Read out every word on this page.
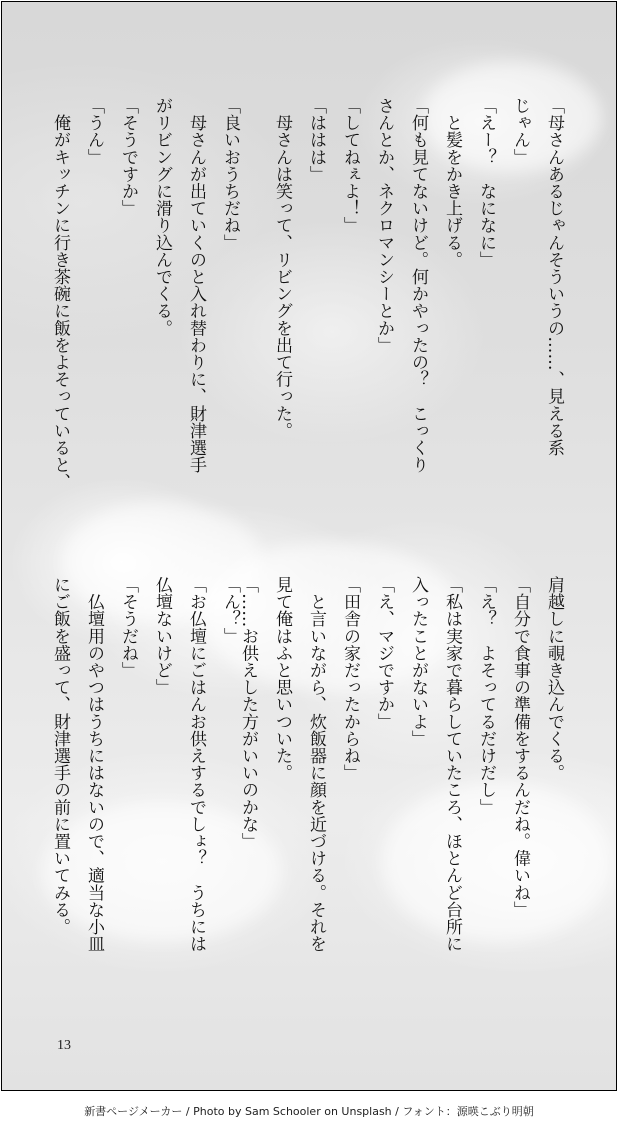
「母さんあるじゃんそういうの……、見える系
じゃん」
「えー？　なになに」
　と髪をかき上げる。
「何も見てないけど。何かやったの？　こっくり
さんとか、ネクロマンシーとか」
「してねぇよ！」
「ははは」
　母さんは笑って、リビングを出て行った。
「良いおうちだね」
　母さんが出ていくのと入れ替わりに、財津選手
がリビングに滑り込んでくる。
「そうですか」
「うん」
　俺がキッチンに行き茶碗に飯をよそっていると、
肩越しに覗き込んでくる。
「自分で食事の準備をするんだね。偉いね」
「え？　よそってるだけだし」
「私は実家で暮らしていたころ、ほとんど台所に
入ったことがないよ」
「え、マジですか」
「田舎の家だったからね」
　と言いながら、炊飯器に顔を近づける。それを
見て俺はふと思いついた。
「……お供えした方がいいのかな」
「ん？」
「お仏壇にごはんお供えするでしょ？　うちには
仏壇ないけど」
「そうだね」
　仏壇用のやつはうちにはないので、適当な小皿
にご飯を盛って、財津選手の前に置いてみる。
13
新書ページメーカー / Photo by Sam Schooler on Unsplash / フォント：源暎こぶり明朝
